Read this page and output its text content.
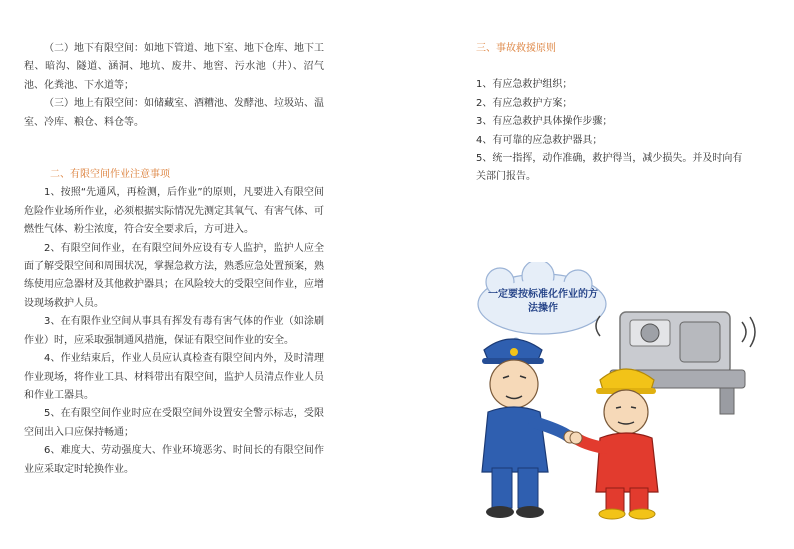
（二）地下有限空间：如地下管道、地下室、地下仓库、地下工程、暗沟、隧道、涵洞、地坑、废井、地窖、污水池（井）、沼气池、化粪池、下水道等；

（三）地上有限空间：如储藏室、酒糟池、发酵池、垃圾站、温室、冷库、粮仓、料仓等。

二、有限空间作业注意事项

1、按照“先通风，再检测，后作业”的原则，凡要进入有限空间危险作业场所作业，必须根据实际情况先测定其氧气、有害气体、可燃性气体、粉尘浓度，符合安全要求后，方可进入。

2、有限空间作业，在有限空间外应设有专人监护，监护人应全面了解受限空间和周围状况，掌握急救方法，熟悉应急处置预案，熟练使用应急器材及其他救护器具；在风险较大的受限空间作业，应增设现场救护人员。

3、在有限作业空间从事具有挥发有毒有害气体的作业（如涂刷作业）时，应采取强制通风措施，保证有限空间作业的安全。

4、作业结束后，作业人员应认真检查有限空间内外，及时清理作业现场，将作业工具、材料带出有限空间，监护人员清点作业人员和作业工器具。

5、在有限空间作业时应在受限空间外设置安全警示标志，受限空间出入口应保持畅通；

6、难度大、劳动强度大、作业环境恶劣、时间长的有限空间作业应采取定时轮换作业。

三、事故救援原则

1、有应急救护组织；
2、有应急救护方案；
3、有应急救护具体操作步骤；
4、有可靠的应急救护器具；
5、统一指挥，动作准确，救护得当，减少损失。并及时向有关部门报告。
一定要按标准化作业的方法操作
